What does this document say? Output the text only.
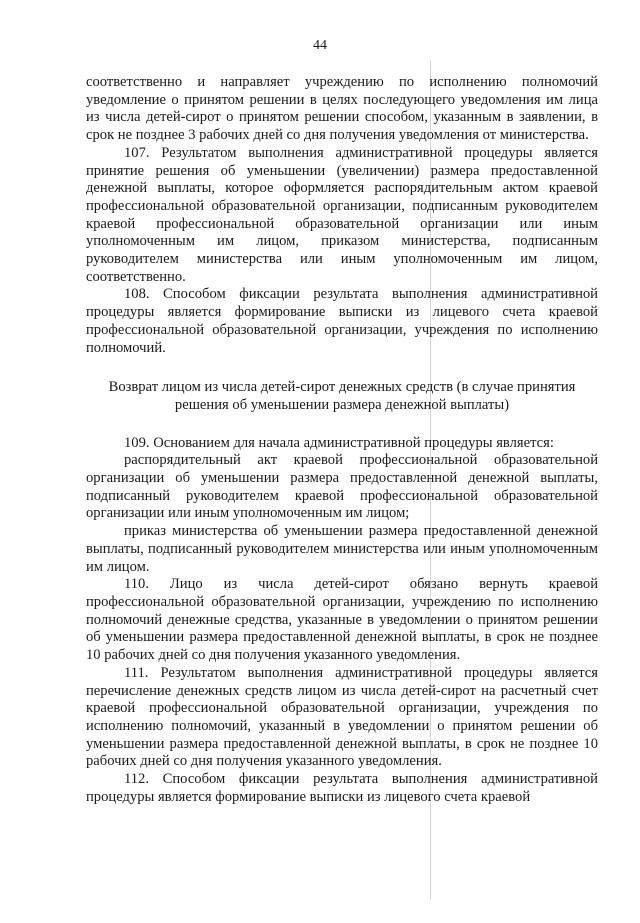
44

соответственно и направляет учреждению по исполнению полномочий уведомление о принятом решении в целях последующего уведомления им лица из числа детей-сирот о принятом решении способом, указанным в заявлении, в срок не позднее 3 рабочих дней со дня получения уведомления от министерства.

107. Результатом выполнения административной процедуры является принятие решения об уменьшении (увеличении) размера предоставленной денежной выплаты, которое оформляется распорядительным актом краевой профессиональной образовательной организации, подписанным руководителем краевой профессиональной образовательной организации или иным уполномоченным им лицом, приказом министерства, подписанным руководителем министерства или иным уполномоченным им лицом, соответственно.

108. Способом фиксации результата выполнения административной процедуры является формирование выписки из лицевого счета краевой профессиональной образовательной организации, учреждения по исполнению полномочий.

Возврат лицом из числа детей-сирот денежных средств (в случае принятия решения об уменьшении размера денежной выплаты)

109. Основанием для начала административной процедуры является:

распорядительный акт краевой профессиональной образовательной организации об уменьшении размера предоставленной денежной выплаты, подписанный руководителем краевой профессиональной образовательной организации или иным уполномоченным им лицом;

приказ министерства об уменьшении размера предоставленной денежной выплаты, подписанный руководителем министерства или иным уполномоченным им лицом.

110. Лицо из числа детей-сирот обязано вернуть краевой профессиональной образовательной организации, учреждению по исполнению полномочий денежные средства, указанные в уведомлении о принятом решении об уменьшении размера предоставленной денежной выплаты, в срок не позднее 10 рабочих дней со дня получения указанного уведомления.

111. Результатом выполнения административной процедуры является перечисление денежных средств лицом из числа детей-сирот на расчетный счет краевой профессиональной образовательной организации, учреждения по исполнению полномочий, указанный в уведомлении о принятом решении об уменьшении размера предоставленной денежной выплаты, в срок не позднее 10 рабочих дней со дня получения указанного уведомления.

112. Способом фиксации результата выполнения административной процедуры является формирование выписки из лицевого счета краевой
